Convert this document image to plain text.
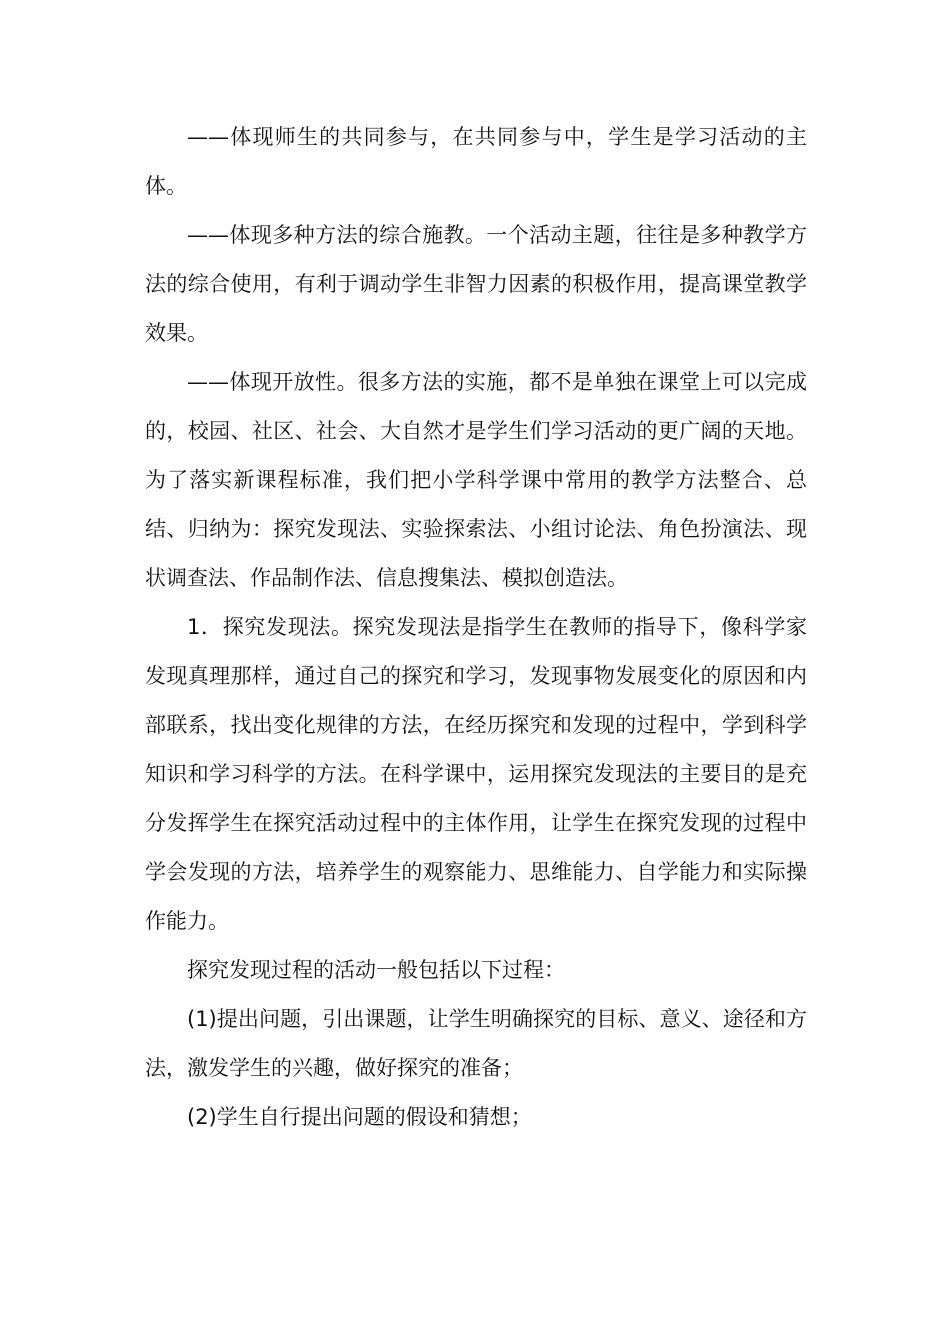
——体现师生的共同参与，在共同参与中，学生是学习活动的主体。

——体现多种方法的综合施教。一个活动主题，往往是多种教学方法的综合使用，有利于调动学生非智力因素的积极作用，提高课堂教学效果。

——体现开放性。很多方法的实施，都不是单独在课堂上可以完成的，校园、社区、社会、大自然才是学生们学习活动的更广阔的天地。为了落实新课程标准，我们把小学科学课中常用的教学方法整合、总结、归纳为：探究发现法、实验探索法、小组讨论法、角色扮演法、现状调查法、作品制作法、信息搜集法、模拟创造法。

1．探究发现法。探究发现法是指学生在教师的指导下，像科学家发现真理那样，通过自己的探究和学习，发现事物发展变化的原因和内部联系，找出变化规律的方法，在经历探究和发现的过程中，学到科学知识和学习科学的方法。在科学课中，运用探究发现法的主要目的是充分发挥学生在探究活动过程中的主体作用，让学生在探究发现的过程中学会发现的方法，培养学生的观察能力、思维能力、自学能力和实际操作能力。

探究发现过程的活动一般包括以下过程：

(1)提出问题，引出课题，让学生明确探究的目标、意义、途径和方法，激发学生的兴趣，做好探究的准备；

(2)学生自行提出问题的假设和猜想；
